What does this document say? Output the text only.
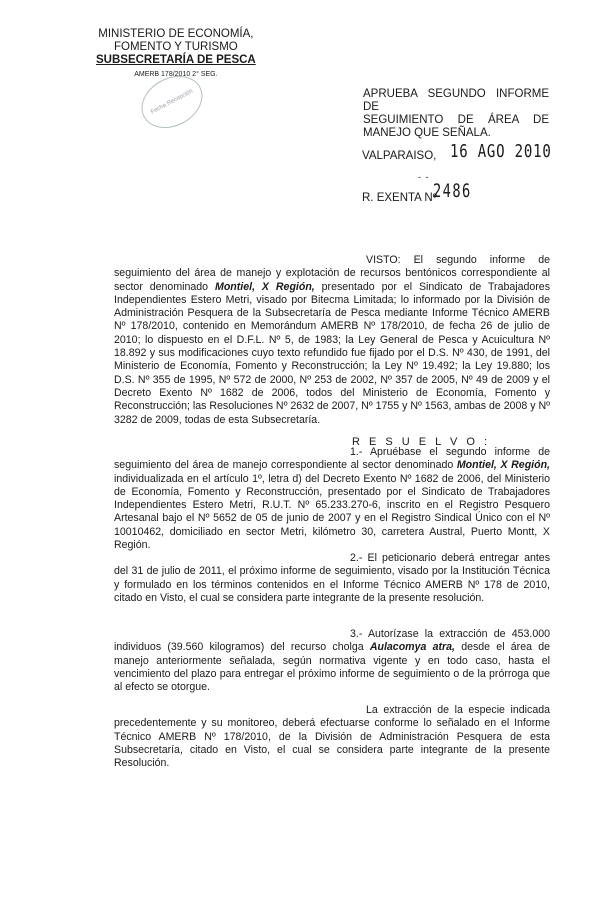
MINISTERIO DE ECONOMÍA,
FOMENTO Y TURISMO
SUBSECRETARÍA DE PESCA
AMERB 178/2010 2° SEG.
Fecha Recepción	APRUEBA SEGUNDO INFORME DE
SEGUIMIENTO DE ÁREA DE
MANEJO QUE SEÑALA.
VALPARAISO, 16 AGO 2010
- -
R. EXENTA Nº
2486
VISTO: El segundo informe de seguimiento del área de manejo y explotación de recursos bentónicos correspondiente al sector denominado Montiel, X Región, presentado por el Sindicato de Trabajadores Independientes Estero Metri, visado por Bitecma Limitada; lo informado por la División de Administración Pesquera de la Subsecretaría de Pesca mediante Informe Técnico AMERB Nº 178/2010, contenido en Memorándum AMERB Nº 178/2010, de fecha 26 de julio de 2010; lo dispuesto en el D.F.L. Nº 5, de 1983; la Ley General de Pesca y Acuicultura Nº 18.892 y sus modificaciones cuyo texto refundido fue fijado por el D.S. Nº 430, de 1991, del Ministerio de Economía, Fomento y Reconstrucción; la Ley Nº 19.492; la Ley 19.880; los D.S. Nº 355 de 1995, Nº 572 de 2000, Nº 253 de 2002, Nº 357 de 2005, Nº 49 de 2009 y el Decreto Exento Nº 1682 de 2006, todos del Ministerio de Economía, Fomento y Reconstrucción; las Resoluciones Nº 2632 de 2007, Nº 1755 y Nº 1563, ambas de 2008 y Nº 3282 de 2009, todas de esta Subsecretaría.
R E S U E L V O :
1.- Apruébase el segundo informe de seguimiento del área de manejo correspondiente al sector denominado Montiel, X Región, individualizada en el artículo 1º, letra d) del Decreto Exento Nº 1682 de 2006, del Ministerio de Economía, Fomento y Reconstrucción, presentado por el Sindicato de Trabajadores Independientes Estero Metri, R.U.T. Nº 65.233.270-6, inscrito en el Registro Pesquero Artesanal bajo el Nº 5652 de 05 de junio de 2007 y en el Registro Sindical Único con el Nº 10010462, domiciliado en sector Metri, kilómetro 30, carretera Austral, Puerto Montt, X Región.
2.- El peticionario deberá entregar antes del 31 de julio de 2011, el próximo informe de seguimiento, visado por la Institución Técnica y formulado en los términos contenidos en el Informe Técnico AMERB Nº 178 de 2010, citado en Visto, el cual se considera parte integrante de la presente resolución.
3.- Autorízase la extracción de 453.000 individuos (39.560 kilogramos) del recurso cholga Aulacomya atra, desde el área de manejo anteriormente señalada, según normativa vigente y en todo caso, hasta el vencimiento del plazo para entregar el próximo informe de seguimiento o de la prórroga que al efecto se otorgue.
La extracción de la especie indicada precedentemente y su monitoreo, deberá efectuarse conforme lo señalado en el Informe Técnico AMERB Nº 178/2010, de la División de Administración Pesquera de esta Subsecretaría, citado en Visto, el cual se considera parte integrante de la presente Resolución.
